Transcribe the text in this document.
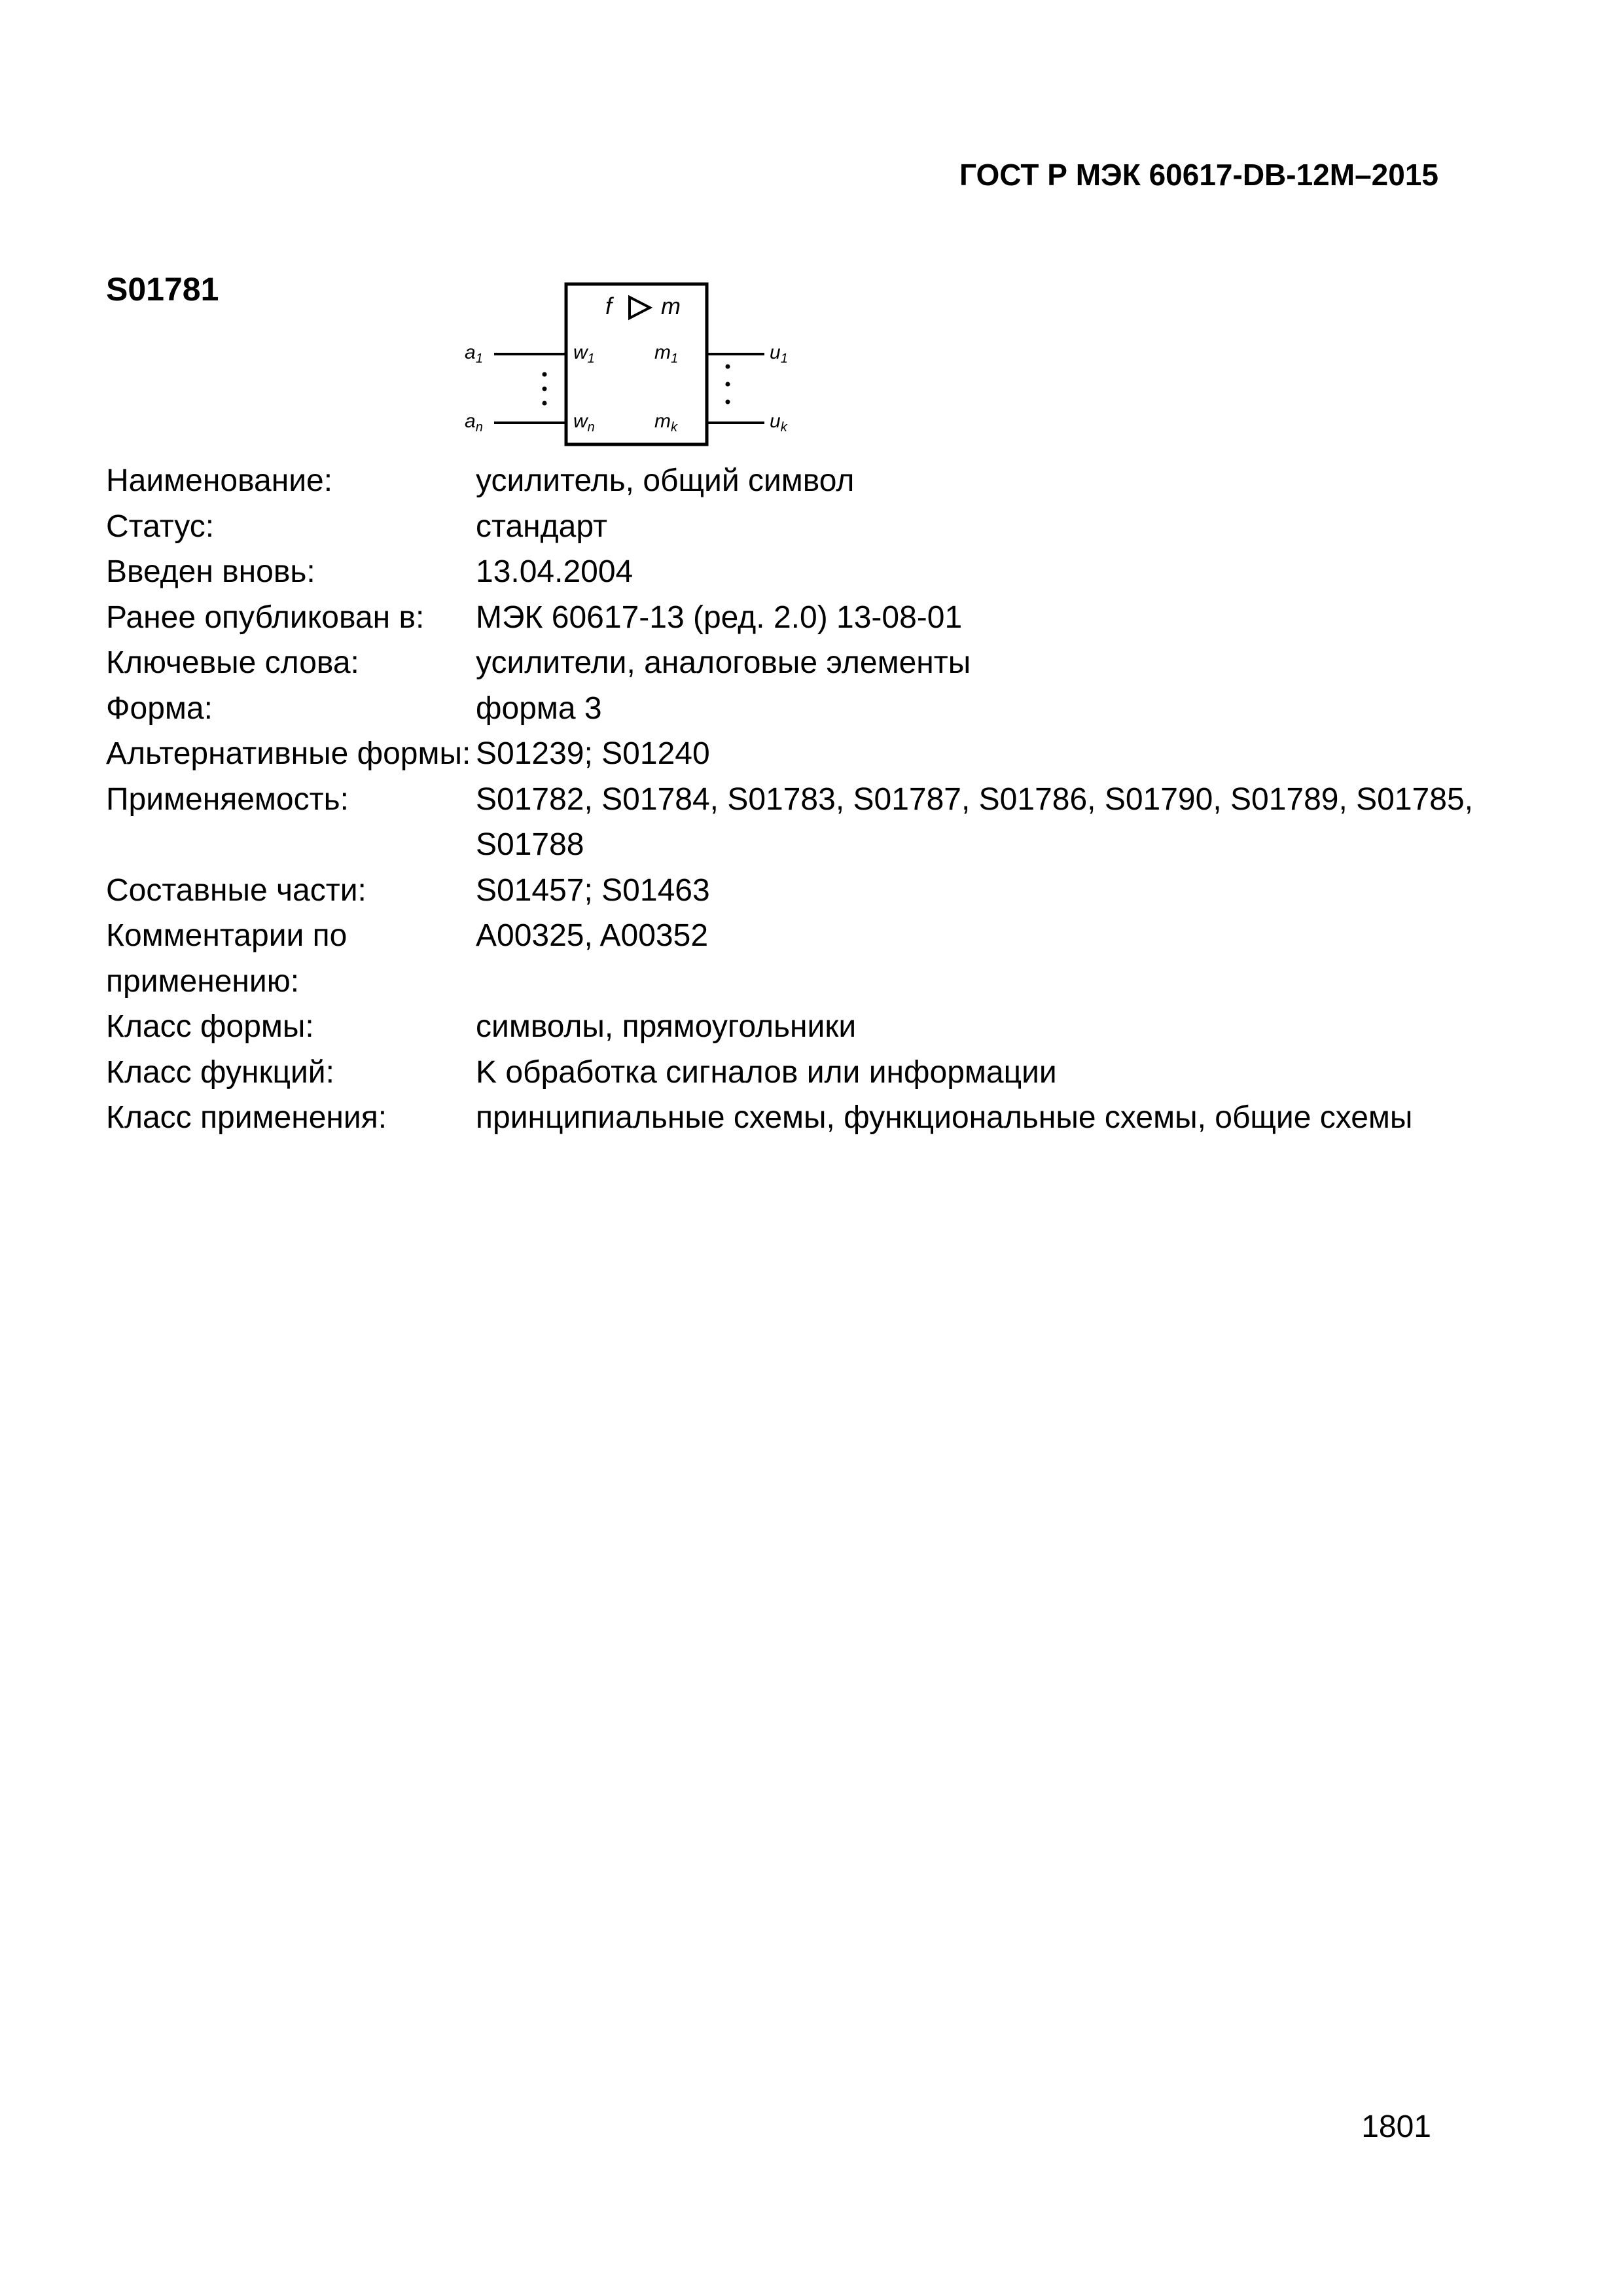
ГОСТ Р МЭК 60617-DB-12M–2015
S01781	f m
$a_1$
$a_n$
$w_1$
$w_n$
$m_1$
$m_k$
$u_1$
$u_k$
Наименование:	усилитель, общий символ
Статус:	стандарт
Введен вновь:	13.04.2004
Ранее опубликован в:	МЭК 60617-13 (ред. 2.0) 13-08-01
Ключевые слова:	усилители, аналоговые элементы
Форма:	форма 3
Альтернативные формы: S01239; S01240
Применяемость:	S01782, S01784, S01783, S01787, S01786, S01790, S01789, S01785, S01788
Составные части:	S01457; S01463
Комментарии по применению:
A00325, A00352
Класс формы:	символы, прямоугольники
Класс функций:	K обработка сигналов или информации
Класс применения:	принципиальные схемы, функциональные схемы, общие схемы
1801
